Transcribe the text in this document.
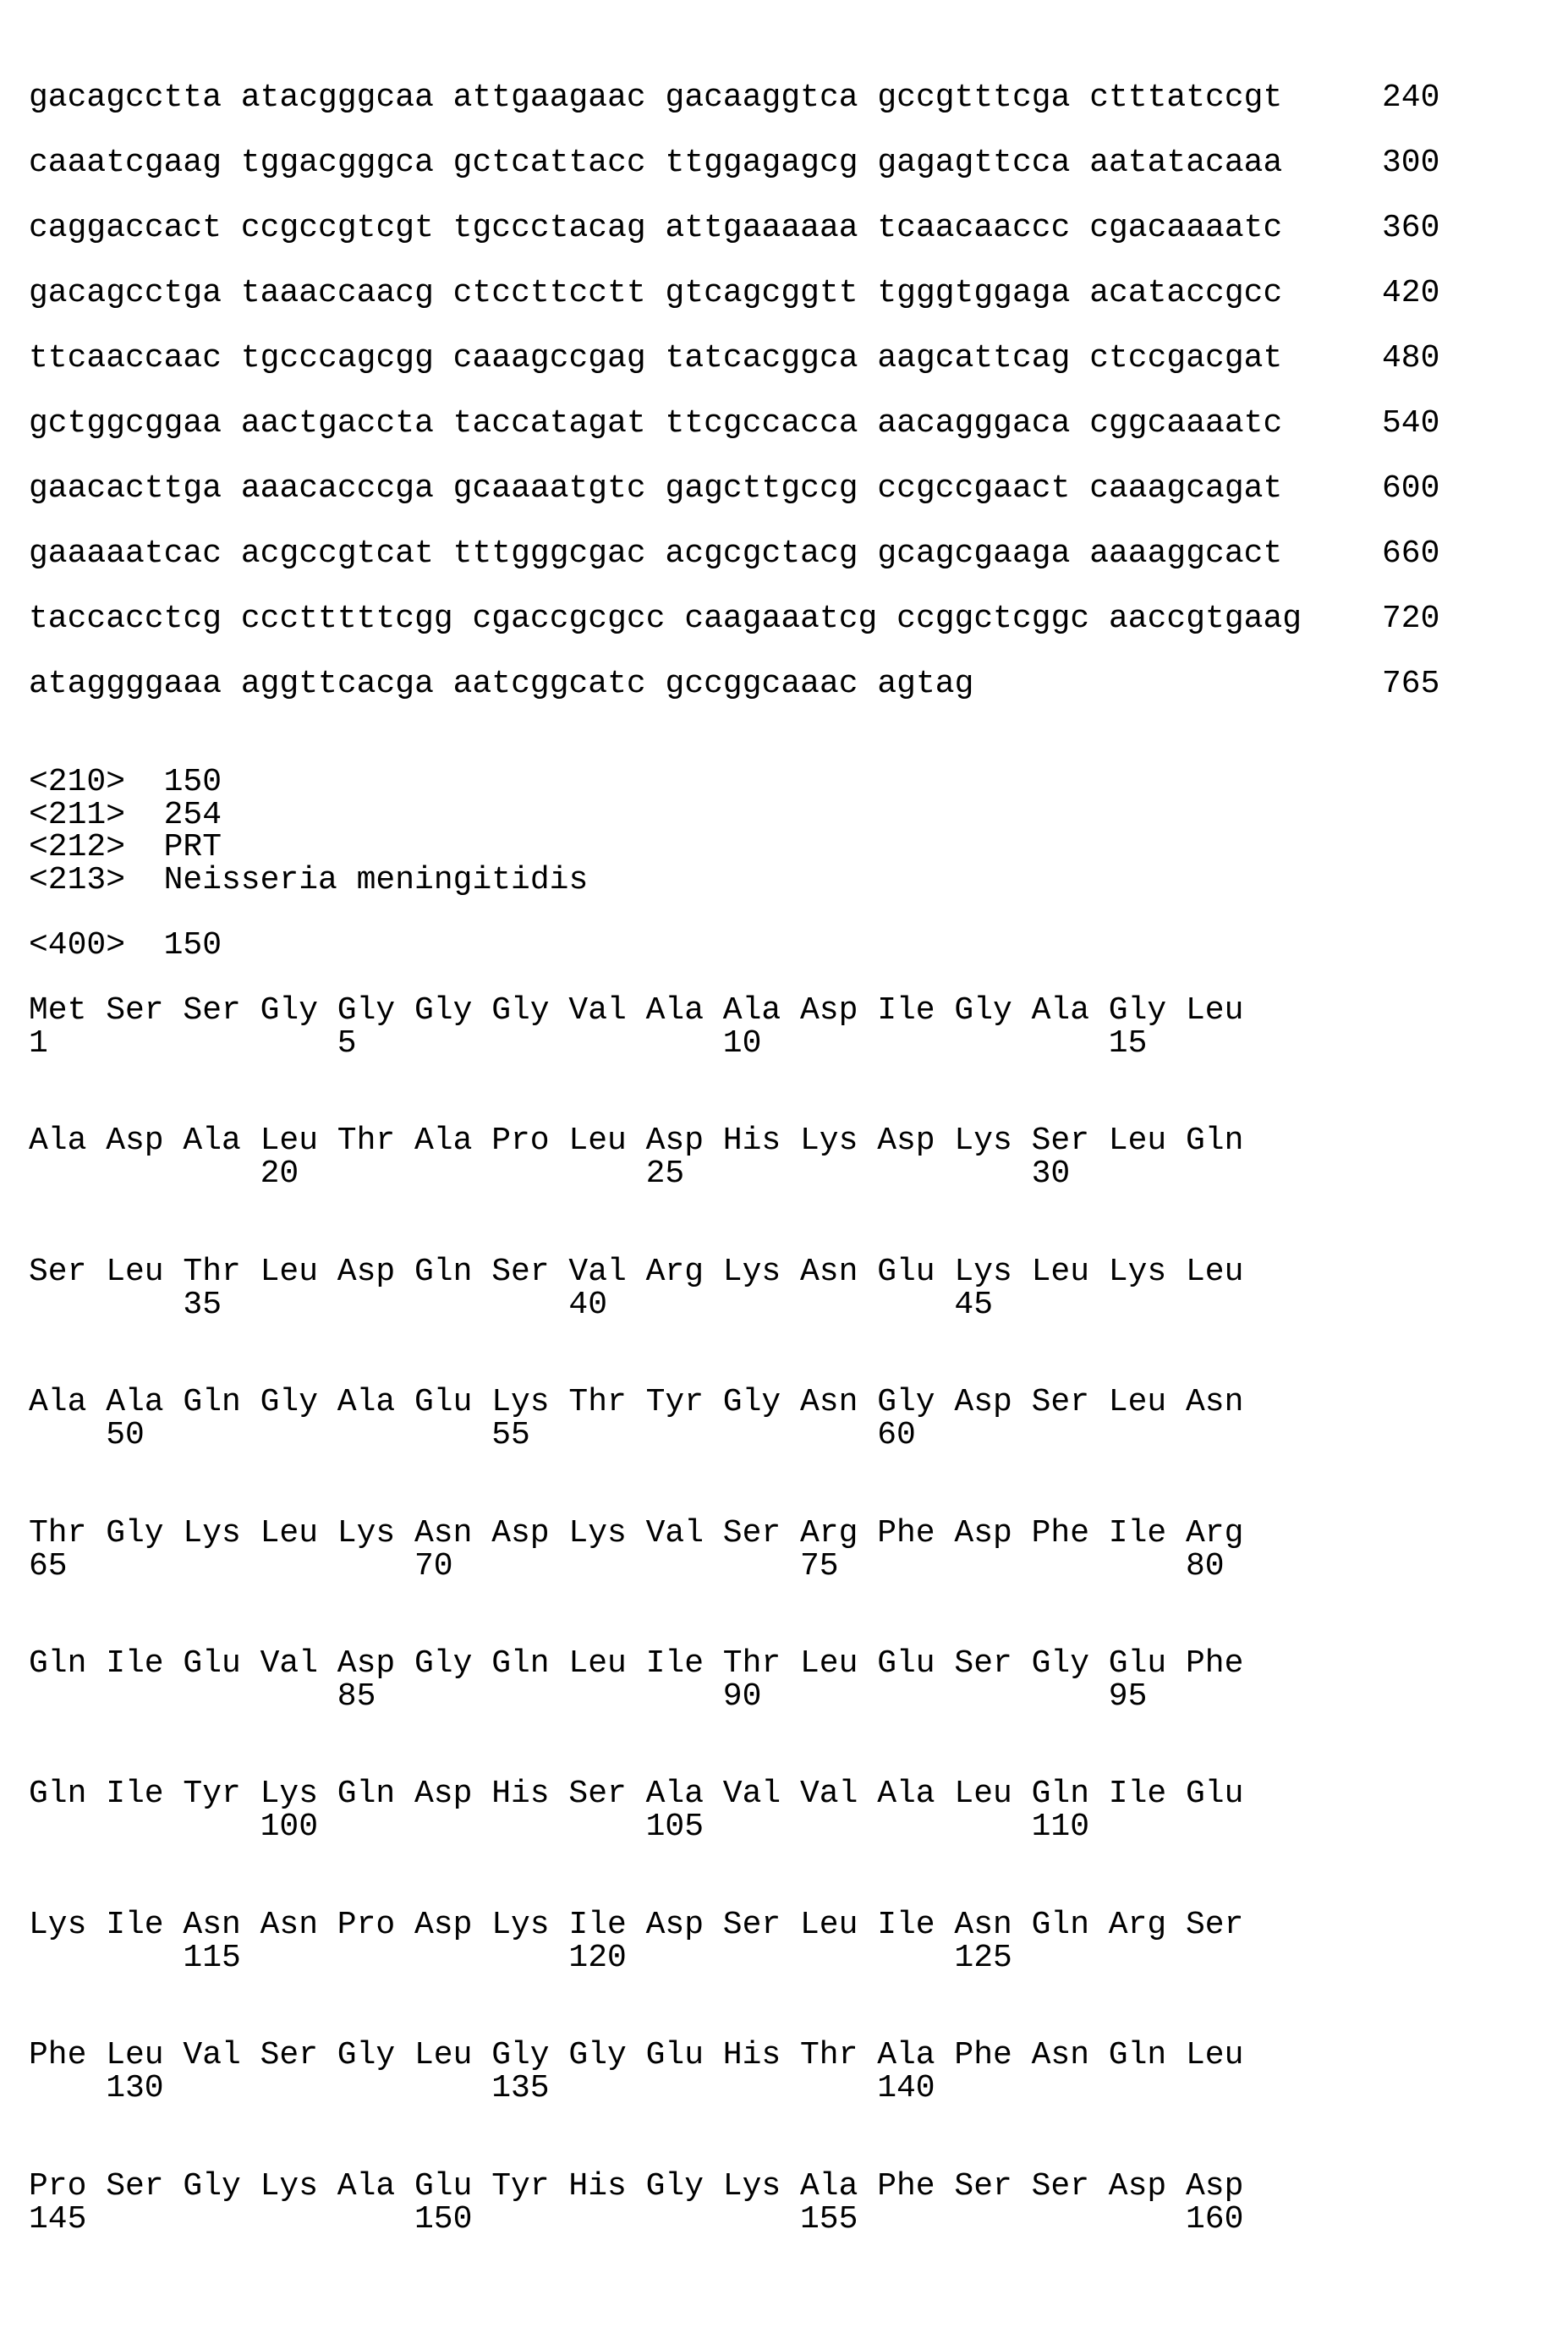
gacagcctta atacgggcaa attgaagaac gacaaggtca gccgtttcga ctttatccgt	240
caaatcgaag tggacgggca gctcattacc ttggagagcg gagagttcca aatatacaaa	300
caggaccact ccgccgtcgt tgccctacag attgaaaaaa tcaacaaccc cgacaaaatc	360
gacagcctga taaaccaacg ctccttcctt gtcagcggtt tgggtggaga acataccgcc	420
ttcaaccaac tgcccagcgg caaagccgag tatcacggca aagcattcag ctccgacgat	480
gctggcggaa aactgaccta taccatagat ttcgccacca aacagggaca cggcaaaatc	540
gaacacttga aaacacccga gcaaaatgtc gagcttgccg ccgccgaact caaagcagat	600
gaaaaatcac acgccgtcat tttgggcgac acgcgctacg gcagcgaaga aaaaggcact	660
taccacctcg ccctttttcgg cgaccgcgcc caagaaatcg ccggctcggc aaccgtgaag 720
ataggggaaa aggttcacga aatcggcatc gccggcaaac agtag	765
<210> 150
<211> 254
<212> PRT
<213> Neisseria meningitidis
<400> 150
Met Ser Ser Gly Gly Gly Gly Val Ala Ala Asp Ile Gly Ala Gly Leu
1	5	10	15
Ala Asp Ala Leu Thr Ala Pro Leu Asp His Lys Asp Lys Ser Leu Gln
20	25	30
Ser Leu Thr Leu Asp Gln Ser Val Arg Lys Asn Glu Lys Leu Lys Leu
35	40	45
Ala Ala Gln Gly Ala Glu Lys Thr Tyr Gly Asn Gly Asp Ser Leu Asn
50	55	60
Thr Gly Lys Leu Lys Asn Asp Lys Val Ser Arg Phe Asp Phe Ile Arg
65	70	75	80
Gln Ile Glu Val Asp Gly Gln Leu Ile Thr Leu Glu Ser Gly Glu Phe
85	90	95
Gln Ile Tyr Lys Gln Asp His Ser Ala Val Val Ala Leu Gln Ile Glu
100	105	110
Lys Ile Asn Asn Pro Asp Lys Ile Asp Ser Leu Ile Asn Gln Arg Ser
115	120	125
Phe Leu Val Ser Gly Leu Gly Gly Glu His Thr Ala Phe Asn Gln Leu
130	135	140
Pro Ser Gly Lys Ala Glu Tyr His Gly Lys Ala Phe Ser Ser Asp Asp
145	150	155	160
